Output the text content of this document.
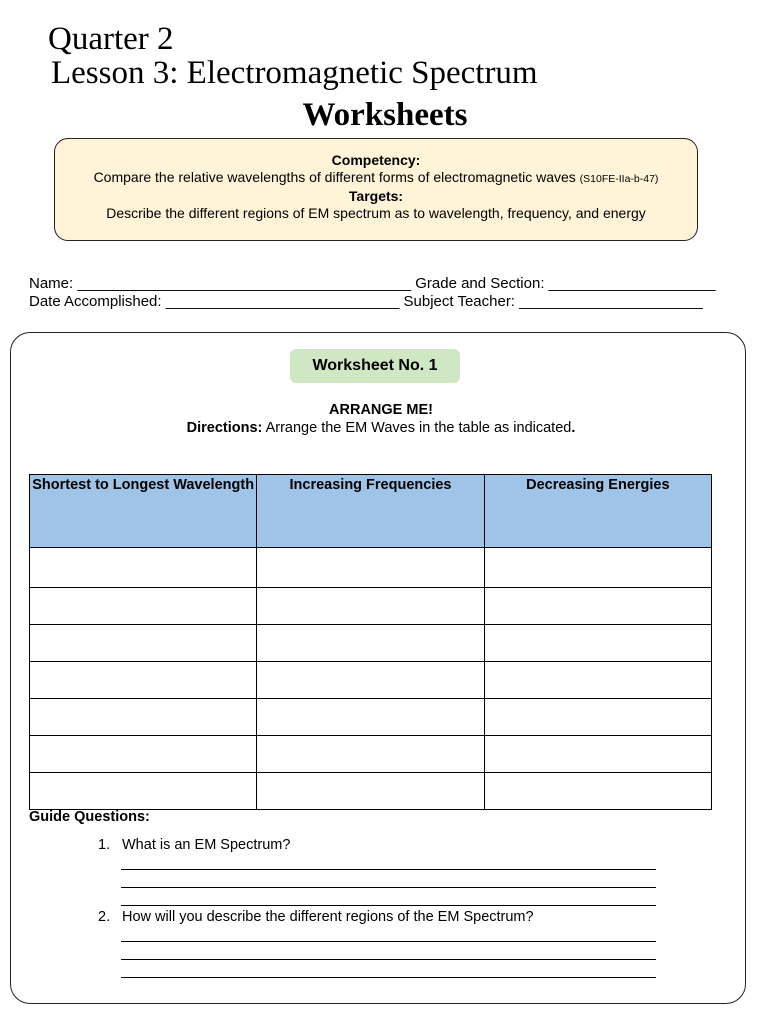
Quarter 2
Lesson 3: Electromagnetic Spectrum
Worksheets
Competency:
Compare the relative wavelengths of different forms of electromagnetic waves (S10FE-IIa-b-47)
Targets:
Describe the different regions of EM spectrum as to wavelength, frequency, and energy
Name: ________________________________________ Grade and Section: ____________________
Date Accomplished: ____________________________ Subject Teacher: ______________________
Worksheet No. 1
ARRANGE ME!
Directions: Arrange the EM Waves in the table as indicated.
Shortest to Longest Wavelength	Increasing Frequencies	Decreasing Energies

Guide Questions:
1. What is an EM Spectrum?
2. How will you describe the different regions of the EM Spectrum?
